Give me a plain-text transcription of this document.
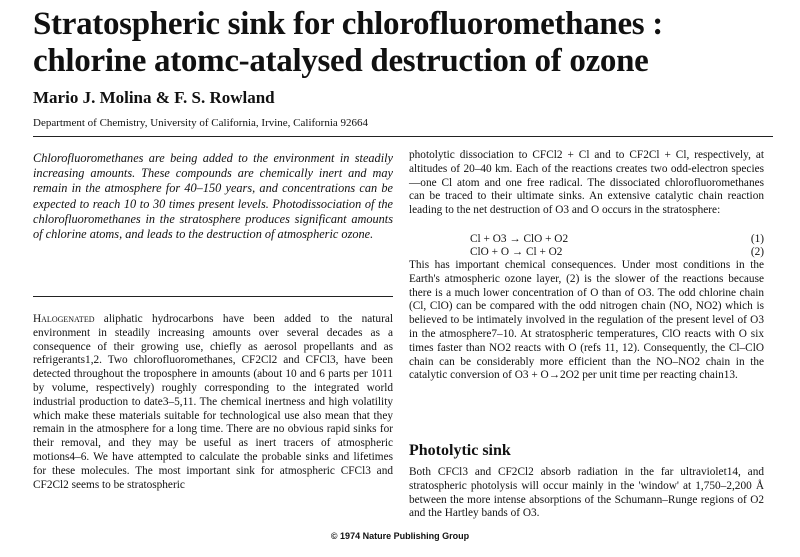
Stratospheric sink for chlorofluoromethanes : chlorine atomc-atalysed destruction of ozone
Mario J. Molina & F. S. Rowland
Department of Chemistry, University of California, Irvine, California 92664
Chlorofluoromethanes are being added to the environment in steadily increasing amounts. These compounds are chemically inert and may remain in the atmosphere for 40–150 years, and concentrations can be expected to reach 10 to 30 times present levels. Photodissociation of the chlorofluoromethanes in the stratosphere produces significant amounts of chlorine atoms, and leads to the destruction of atmospheric ozone.
Halogenated aliphatic hydrocarbons have been added to the natural environment in steadily increasing amounts over several decades as a consequence of their growing use, chiefly as aerosol propellants and as refrigerants1,2. Two chlorofluoromethanes, CF2Cl2 and CFCl3, have been detected throughout the troposphere in amounts (about 10 and 6 parts per 1011 by volume, respectively) roughly corresponding to the integrated world industrial production to date3–5,11. The chemical inertness and high volatility which make these materials suitable for technological use also mean that they remain in the atmosphere for a long time. There are no obvious rapid sinks for their removal, and they may be useful as inert tracers of atmospheric motions4–6. We have attempted to calculate the probable sinks and lifetimes for these molecules. The most important sink for atmospheric CFCl3 and CF2Cl2 seems to be stratospheric
photolytic dissociation to CFCl2 + Cl and to CF2Cl + Cl, respectively, at altitudes of 20–40 km. Each of the reactions creates two odd-electron species—one Cl atom and one free radical. The dissociated chlorofluoromethanes can be traced to their ultimate sinks. An extensive catalytic chain reaction leading to the net destruction of O3 and O occurs in the stratosphere:
Cl + O3 → ClO + O2	(1)
ClO + O → Cl + O2	(2)
This has important chemical consequences. Under most conditions in the Earth's atmospheric ozone layer, (2) is the slower of the reactions because there is a much lower concentration of O than of O3. The odd chlorine chain (Cl, ClO) can be compared with the odd nitrogen chain (NO, NO2) which is believed to be intimately involved in the regulation of the present level of O3 in the atmosphere7–10. At stratospheric temperatures, ClO reacts with O six times faster than NO2 reacts with O (refs 11, 12). Consequently, the Cl–ClO chain can be considerably more efficient than the NO–NO2 chain in the catalytic conversion of O3 + O→2O2 per unit time per reacting chain13.
Photolytic sink
Both CFCl3 and CF2Cl2 absorb radiation in the far ultraviolet14, and stratospheric photolysis will occur mainly in the 'window' at 1,750–2,200 Å between the more intense absorptions of the Schumann–Runge regions of O2 and the Hartley bands of O3.
© 1974 Nature Publishing Group
